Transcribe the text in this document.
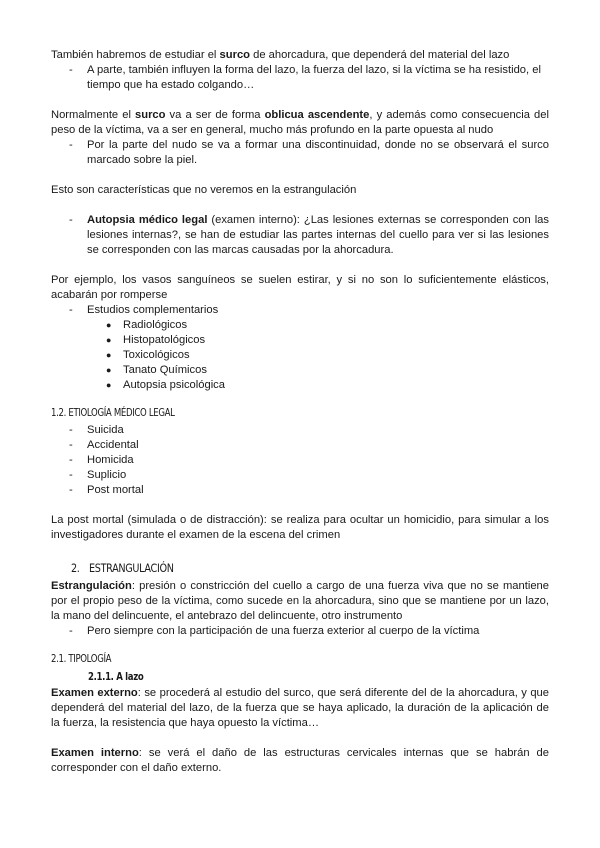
También habremos de estudiar el surco de ahorcadura, que dependerá del material del lazo

-	A parte, también influyen la forma del lazo, la fuerza del lazo, si la víctima se ha resistido, el tiempo que ha estado colgando…

Normalmente el surco va a ser de forma oblicua ascendente, y además como consecuencia del peso de la víctima, va a ser en general, mucho más profundo en la parte opuesta al nudo

-	Por la parte del nudo se va a formar una discontinuidad, donde no se observará el surco marcado sobre la piel.

Esto son características que no veremos en la estrangulación

-	Autopsia médico legal (examen interno): ¿Las lesiones externas se corresponden con las lesiones internas?, se han de estudiar las partes internas del cuello para ver si las lesiones se corresponden con las marcas causadas por la ahorcadura.

Por ejemplo, los vasos sanguíneos se suelen estirar, y si no son lo suficientemente elásticos, acabarán por romperse

-	Estudios complementarios
●	Radiológicos
●	Histopatológicos
●	Toxicológicos
●	Tanato Químicos
●	Autopsia psicológica
1.2. ETIOLOGÍA MÉDICO LEGAL
-	Suicida
-	Accidental
-	Homicida
-	Suplicio
-	Post mortal

La post mortal (simulada o de distracción): se realiza para ocultar un homicidio, para simular a los investigadores durante el examen de la escena del crimen

2. ESTRANGULACIÓN

Estrangulación: presión o constricción del cuello a cargo de una fuerza viva que no se mantiene por el propio peso de la víctima, como sucede en la ahorcadura, sino que se mantiene por un lazo, la mano del delincuente, el antebrazo del delincuente, otro instrumento

-	Pero siempre con la participación de una fuerza exterior al cuerpo de la víctima
2.1. TIPOLOGÍA
2.1.1. A lazo

Examen externo: se procederá al estudio del surco, que será diferente del de la ahorcadura, y que dependerá del material del lazo, de la fuerza que se haya aplicado, la duración de la aplicación de la fuerza, la resistencia que haya opuesto la víctima…

Examen interno: se verá el daño de las estructuras cervicales internas que se habrán de corresponder con el daño externo.
